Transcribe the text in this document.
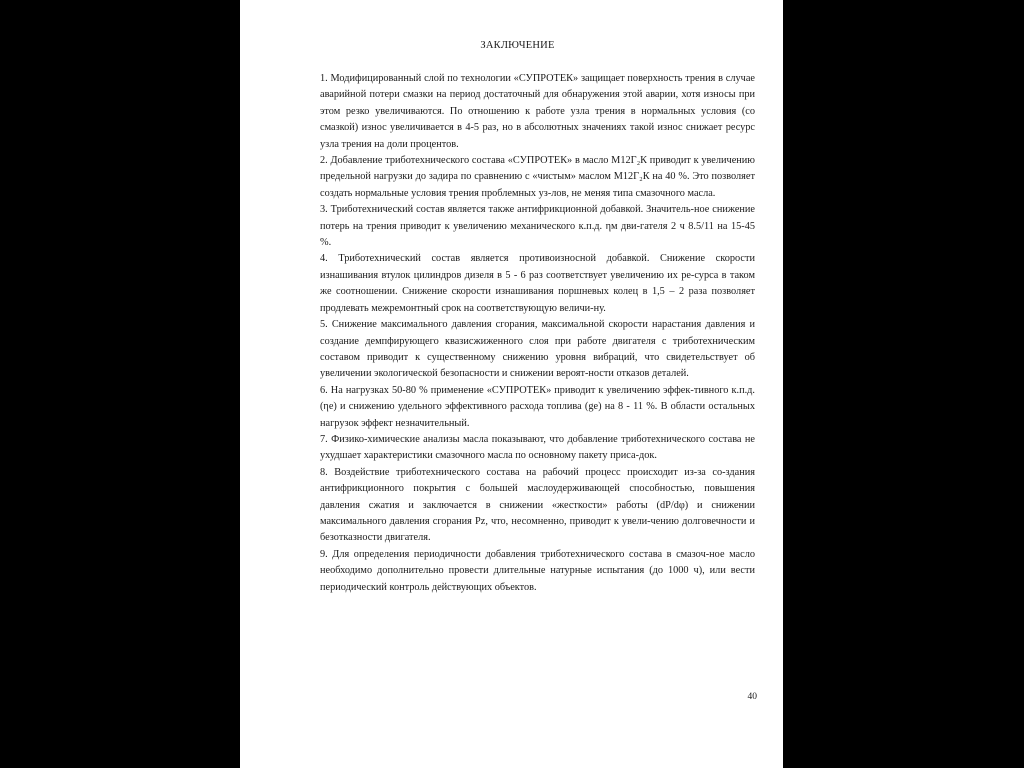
ЗАКЛЮЧЕНИЕ

1. Модифицированный слой по технологии «СУПРОТЕК» защищает поверхность трения в случае аварийной потери смазки на период достаточный для обнаружения этой аварии, хотя износы при этом резко увеличиваются. По отношению к работе узла трения в нормальных условия (со смазкой) износ увеличивается в 4-5 раз, но в абсолютных значениях такой износ снижает ресурс узла трения на доли процентов.

2. Добавление триботехнического состава «СУПРОТЕК» в масло М12Г₂К приводит к увеличению предельной нагрузки до задира по сравнению с «чистым» маслом М12Г₂К на 40 %. Это позволяет создать нормальные условия трения проблемных уз-лов, не меняя типа смазочного масла.

3. Триботехнический состав является также антифрикционной добавкой. Значитель-ное снижение потерь на трения приводит к увеличению механического к.п.д. ηм дви-гателя 2 ч 8.5/11 на 15-45 %.

4. Триботехнический состав является противоизносной добавкой. Снижение скорости изнашивания втулок цилиндров дизеля в 5 - 6 раз соответствует увеличению их ре-сурса в таком же соотношении. Снижение скорости изнашивания поршневых колец в 1,5 – 2 раза позволяет продлевать межремонтный срок на соответствующую величи-ну.

5. Снижение максимального давления сгорания, максимальной скорости нарастания давления и создание демпфирующего квазисжиженного слоя при работе двигателя с триботехническим составом приводит к существенному снижению уровня вибраций, что свидетельствует об увеличении экологической безопасности и снижении вероят-ности отказов деталей.

6. На нагрузках 50-80 % применение «СУПРОТЕК» приводит к увеличению эффек-тивного к.п.д. (ηе) и снижению удельного эффективного расхода топлива (gе) на 8 - 11 %. В области остальных нагрузок эффект незначительный.

7. Физико-химические анализы масла показывают, что добавление триботехнического состава не ухудшает характеристики смазочного масла по основному пакету приса-док.

8. Воздействие триботехнического состава на рабочий процесс происходит из-за со-здания антифрикционного покрытия с большей маслоудерживающей способностью, повышения давления сжатия и заключается в снижении «жесткости» работы (dP/dφ) и снижении максимального давления сгорания Pz, что, несомненно, приводит к увели-чению долговечности и безотказности двигателя.

9. Для определения периодичности добавления триботехнического состава в смазоч-ное масло необходимо дополнительно провести длительные натурные испытания (до 1000 ч), или вести периодический контроль действующих объектов.

40
